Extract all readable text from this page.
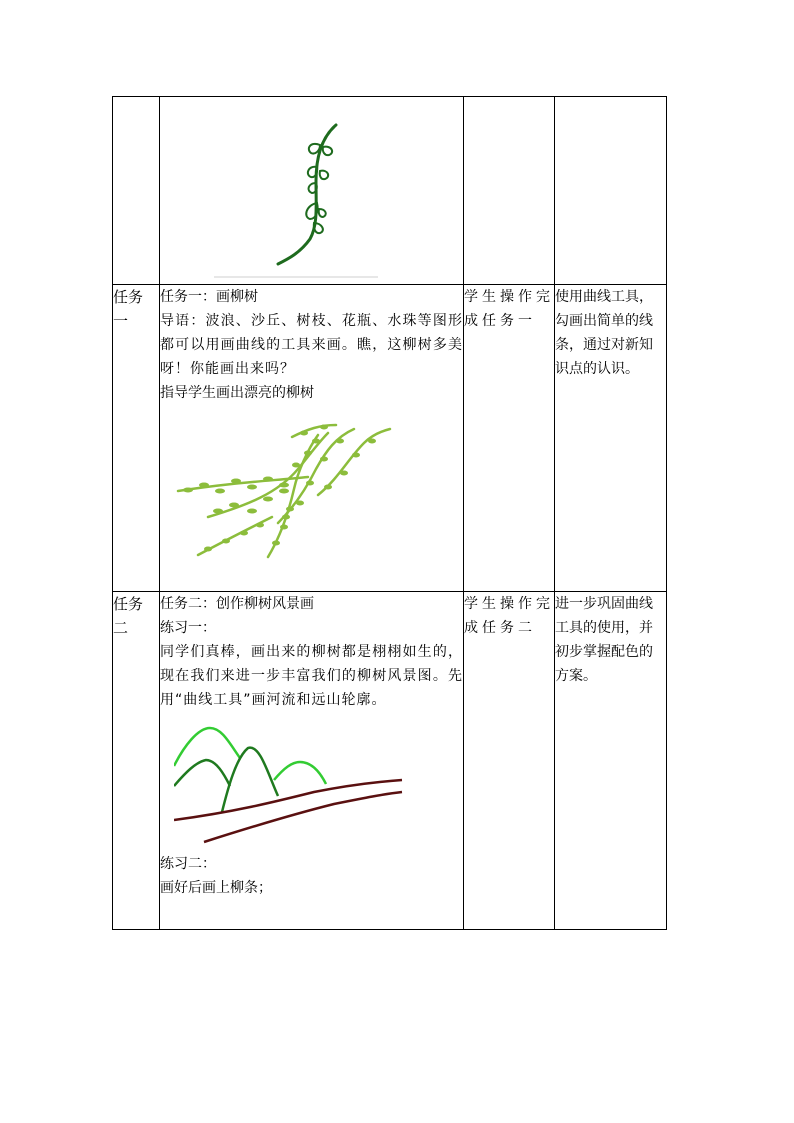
任务一	任务一：画柳树
导语：波浪、沙丘、树枝、花瓶、水珠等图形都可以用画曲线的工具来画。瞧，这柳树多美呀！你能画出来吗？
指导学生画出漂亮的柳树	学生操作完成任务一	使用曲线工具，勾画出简单的线条，通过对新知识点的认识。

任务二	任务二：创作柳树风景画
练习一：
同学们真棒，画出来的柳树都是栩栩如生的，现在我们来进一步丰富我们的柳树风景图。先用“曲线工具”画河流和远山轮廓。
练习二：
画好后画上柳条；	学生操作完成任务二	进一步巩固曲线工具的使用，并初步掌握配色的方案。
